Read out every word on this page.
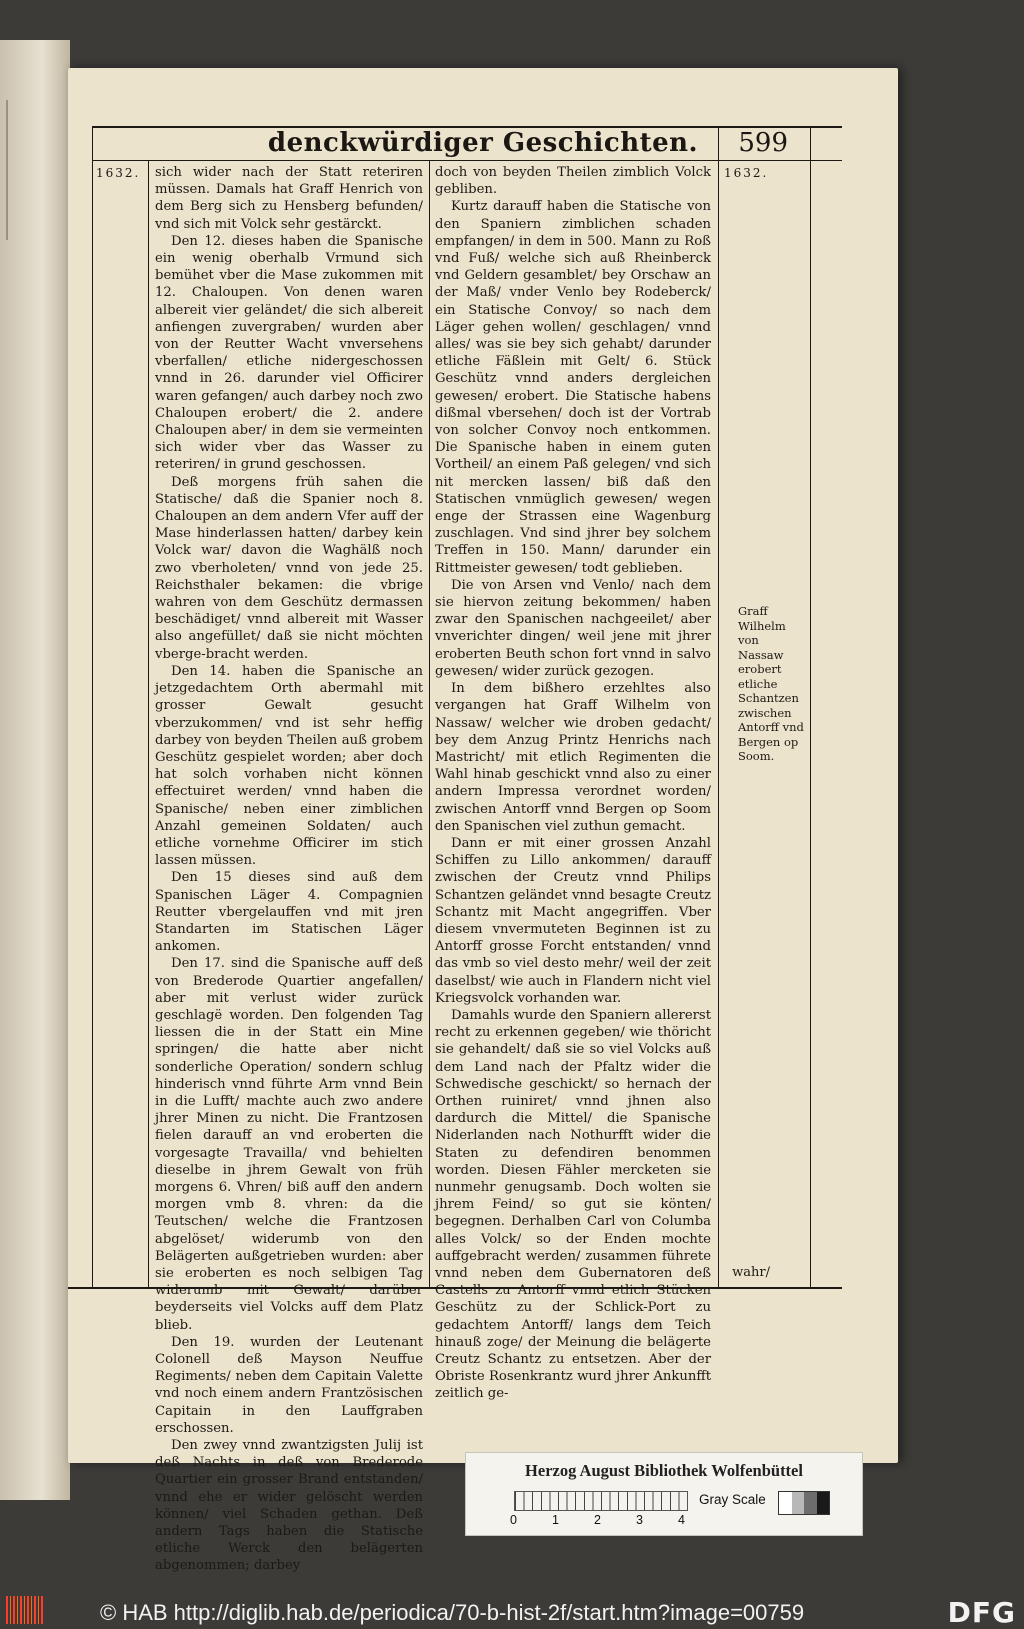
denckwürdiger Geschichten.	599
1632.	1632.

sich wider nach der Statt reteriren müssen. Damals hat Graff Henrich von dem Berg sich zu Hensberg befunden/ vnd sich mit Volck sehr gestärckt.

Den 12. dieses haben die Spanische ein wenig oberhalb Vrmund sich bemühet vber die Mase zukommen mit 12. Chaloupen. Von denen waren albereit vier geländet/ die sich albereit anfiengen zuvergraben/ wurden aber von der Reutter Wacht vnversehens vberfallen/ etliche nidergeschossen vnnd in 26. darunder viel Officirer waren gefangen/ auch darbey noch zwo Chaloupen erobert/ die 2. andere Chaloupen aber/ in dem sie vermeinten sich wider vber das Wasser zu reteriren/ in grund geschossen.

Deß morgens früh sahen die Statische/ daß die Spanier noch 8. Chaloupen an dem andern Vfer auff der Mase hinderlassen hatten/ darbey kein Volck war/ davon die Waghälß noch zwo vberholeten/ vnnd von jede 25. Reichsthaler bekamen: die vbrige wahren von dem Geschütz dermassen beschädiget/ vnnd albereit mit Wasser also angefüllet/ daß sie nicht möchten vberge-bracht werden.

Den 14. haben die Spanische an jetzgedachtem Orth abermahl mit grosser Gewalt gesucht vberzukommen/ vnd ist sehr heffig darbey von beyden Theilen auß grobem Geschütz gespielet worden; aber doch hat solch vorhaben nicht können effectuiret werden/ vnnd haben die Spanische/ neben einer zimblichen Anzahl gemeinen Soldaten/ auch etliche vornehme Officirer im stich lassen müssen.

Den 15 dieses sind auß dem Spanischen Läger 4. Compagnien Reutter vbergelauffen vnd mit jren Standarten im Statischen Läger ankomen.

Den 17. sind die Spanische auff deß von Brederode Quartier angefallen/ aber mit verlust wider zurück geschlagë worden. Den folgenden Tag liessen die in der Statt ein Mine springen/ die hatte aber nicht sonderliche Operation/ sondern schlug hinderisch vnnd führte Arm vnnd Bein in die Lufft/ machte auch zwo andere jhrer Minen zu nicht. Die Frantzosen fielen darauff an vnd eroberten die vorgesagte Travailla/ vnd behielten dieselbe in jhrem Gewalt von früh morgens 6. Vhren/ biß auff den andern morgen vmb 8. vhren: da die Teutschen/ welche die Frantzosen abgelöset/ widerumb von den Belägerten außgetrieben wurden: aber sie eroberten es noch selbigen Tag widerumb mit Gewalt/ darüber beyderseits viel Volcks auff dem Platz blieb.

Den 19. wurden der Leutenant Colonell deß Mayson Neuffue Regiments/ neben dem Capitain Valette vnd noch einem andern Frantzösischen Capitain in den Lauffgraben erschossen.

Den zwey vnnd zwantzigsten Julij ist deß Nachts in deß von Brederode Quartier ein grosser Brand entstanden/ vnnd ehe er wider gelöscht werden können/ viel Schaden gethan. Deß andern Tags haben die Statische etliche Werck den belägerten abgenommen; darbey

doch von beyden Theilen zimblich Volck gebliben.

Kurtz darauff haben die Statische von den Spaniern zimblichen schaden empfangen/ in dem in 500. Mann zu Roß vnd Fuß/ welche sich auß Rheinberck vnd Geldern gesamblet/ bey Orschaw an der Maß/ vnder Venlo bey Rodeberck/ ein Statische Convoy/ so nach dem Läger gehen wollen/ geschlagen/ vnnd alles/ was sie bey sich gehabt/ darunder etliche Fäßlein mit Gelt/ 6. Stück Geschütz vnnd anders dergleichen gewesen/ erobert. Die Statische habens dißmal vbersehen/ doch ist der Vortrab von solcher Convoy noch entkommen. Die Spanische haben in einem guten Vortheil/ an einem Paß gelegen/ vnd sich nit mercken lassen/ biß daß den Statischen vnmüglich gewesen/ wegen enge der Strassen eine Wagenburg zuschlagen. Vnd sind jhrer bey solchem Treffen in 150. Mann/ darunder ein Rittmeister gewesen/ todt geblieben.

Die von Arsen vnd Venlo/ nach dem sie hiervon zeitung bekommen/ haben zwar den Spanischen nachgeeilet/ aber vnverichter dingen/ weil jene mit jhrer eroberten Beuth schon fort vnnd in salvo gewesen/ wider zurück gezogen.

In dem bißhero erzehltes also vergangen hat Graff Wilhelm von Nassaw/ welcher wie droben gedacht/ bey dem Anzug Printz Henrichs nach Mastricht/ mit etlich Regimenten die Wahl hinab geschickt vnnd also zu einer andern Impressa verordnet worden/ zwischen Antorff vnnd Bergen op Soom den Spanischen viel zuthun gemacht.

Dann er mit einer grossen Anzahl Schiffen zu Lillo ankommen/ darauff zwischen der Creutz vnnd Philips Schantzen geländet vnnd besagte Creutz Schantz mit Macht angegriffen. Vber diesem vnvermuteten Beginnen ist zu Antorff grosse Forcht entstanden/ vnnd das vmb so viel desto mehr/ weil der zeit daselbst/ wie auch in Flandern nicht viel Kriegsvolck vorhanden war.

Damahls wurde den Spaniern allererst recht zu erkennen gegeben/ wie thöricht sie gehandelt/ daß sie so viel Volcks auß dem Land nach der Pfaltz wider die Schwedische geschickt/ so hernach der Orthen ruiniret/ vnnd jhnen also dardurch die Mittel/ die Spanische Niderlanden nach Nothurfft wider die Staten zu defendiren benommen worden. Diesen Fähler mercketen sie nunmehr genugsamb. Doch wolten sie jhrem Feind/ so gut sie könten/ begegnen. Derhalben Carl von Columba alles Volck/ so der Enden mochte auffgebracht werden/ zusammen führete vnnd neben dem Gubernatoren deß Castells zu Antorff vnnd etlich Stücken Geschütz zu der Schlick-Port zu gedachtem Antorff/ langs dem Teich hinauß zoge/ der Meinung die belägerte Creutz Schantz zu entsetzen. Aber der Obriste Rosenkrantz wurd jhrer Ankunfft zeitlich ge-

Graff Wilhelm von Nassaw erobert etliche Schantzen zwischen Antorff vnd Bergen op Soom.
wahr/
Herzog August Bibliothek Wolfenbüttel
0	1	2	3	4
Gray Scale
© HAB http://diglib.hab.de/periodica/70-b-hist-2f/start.htm?image=00759	DFG
